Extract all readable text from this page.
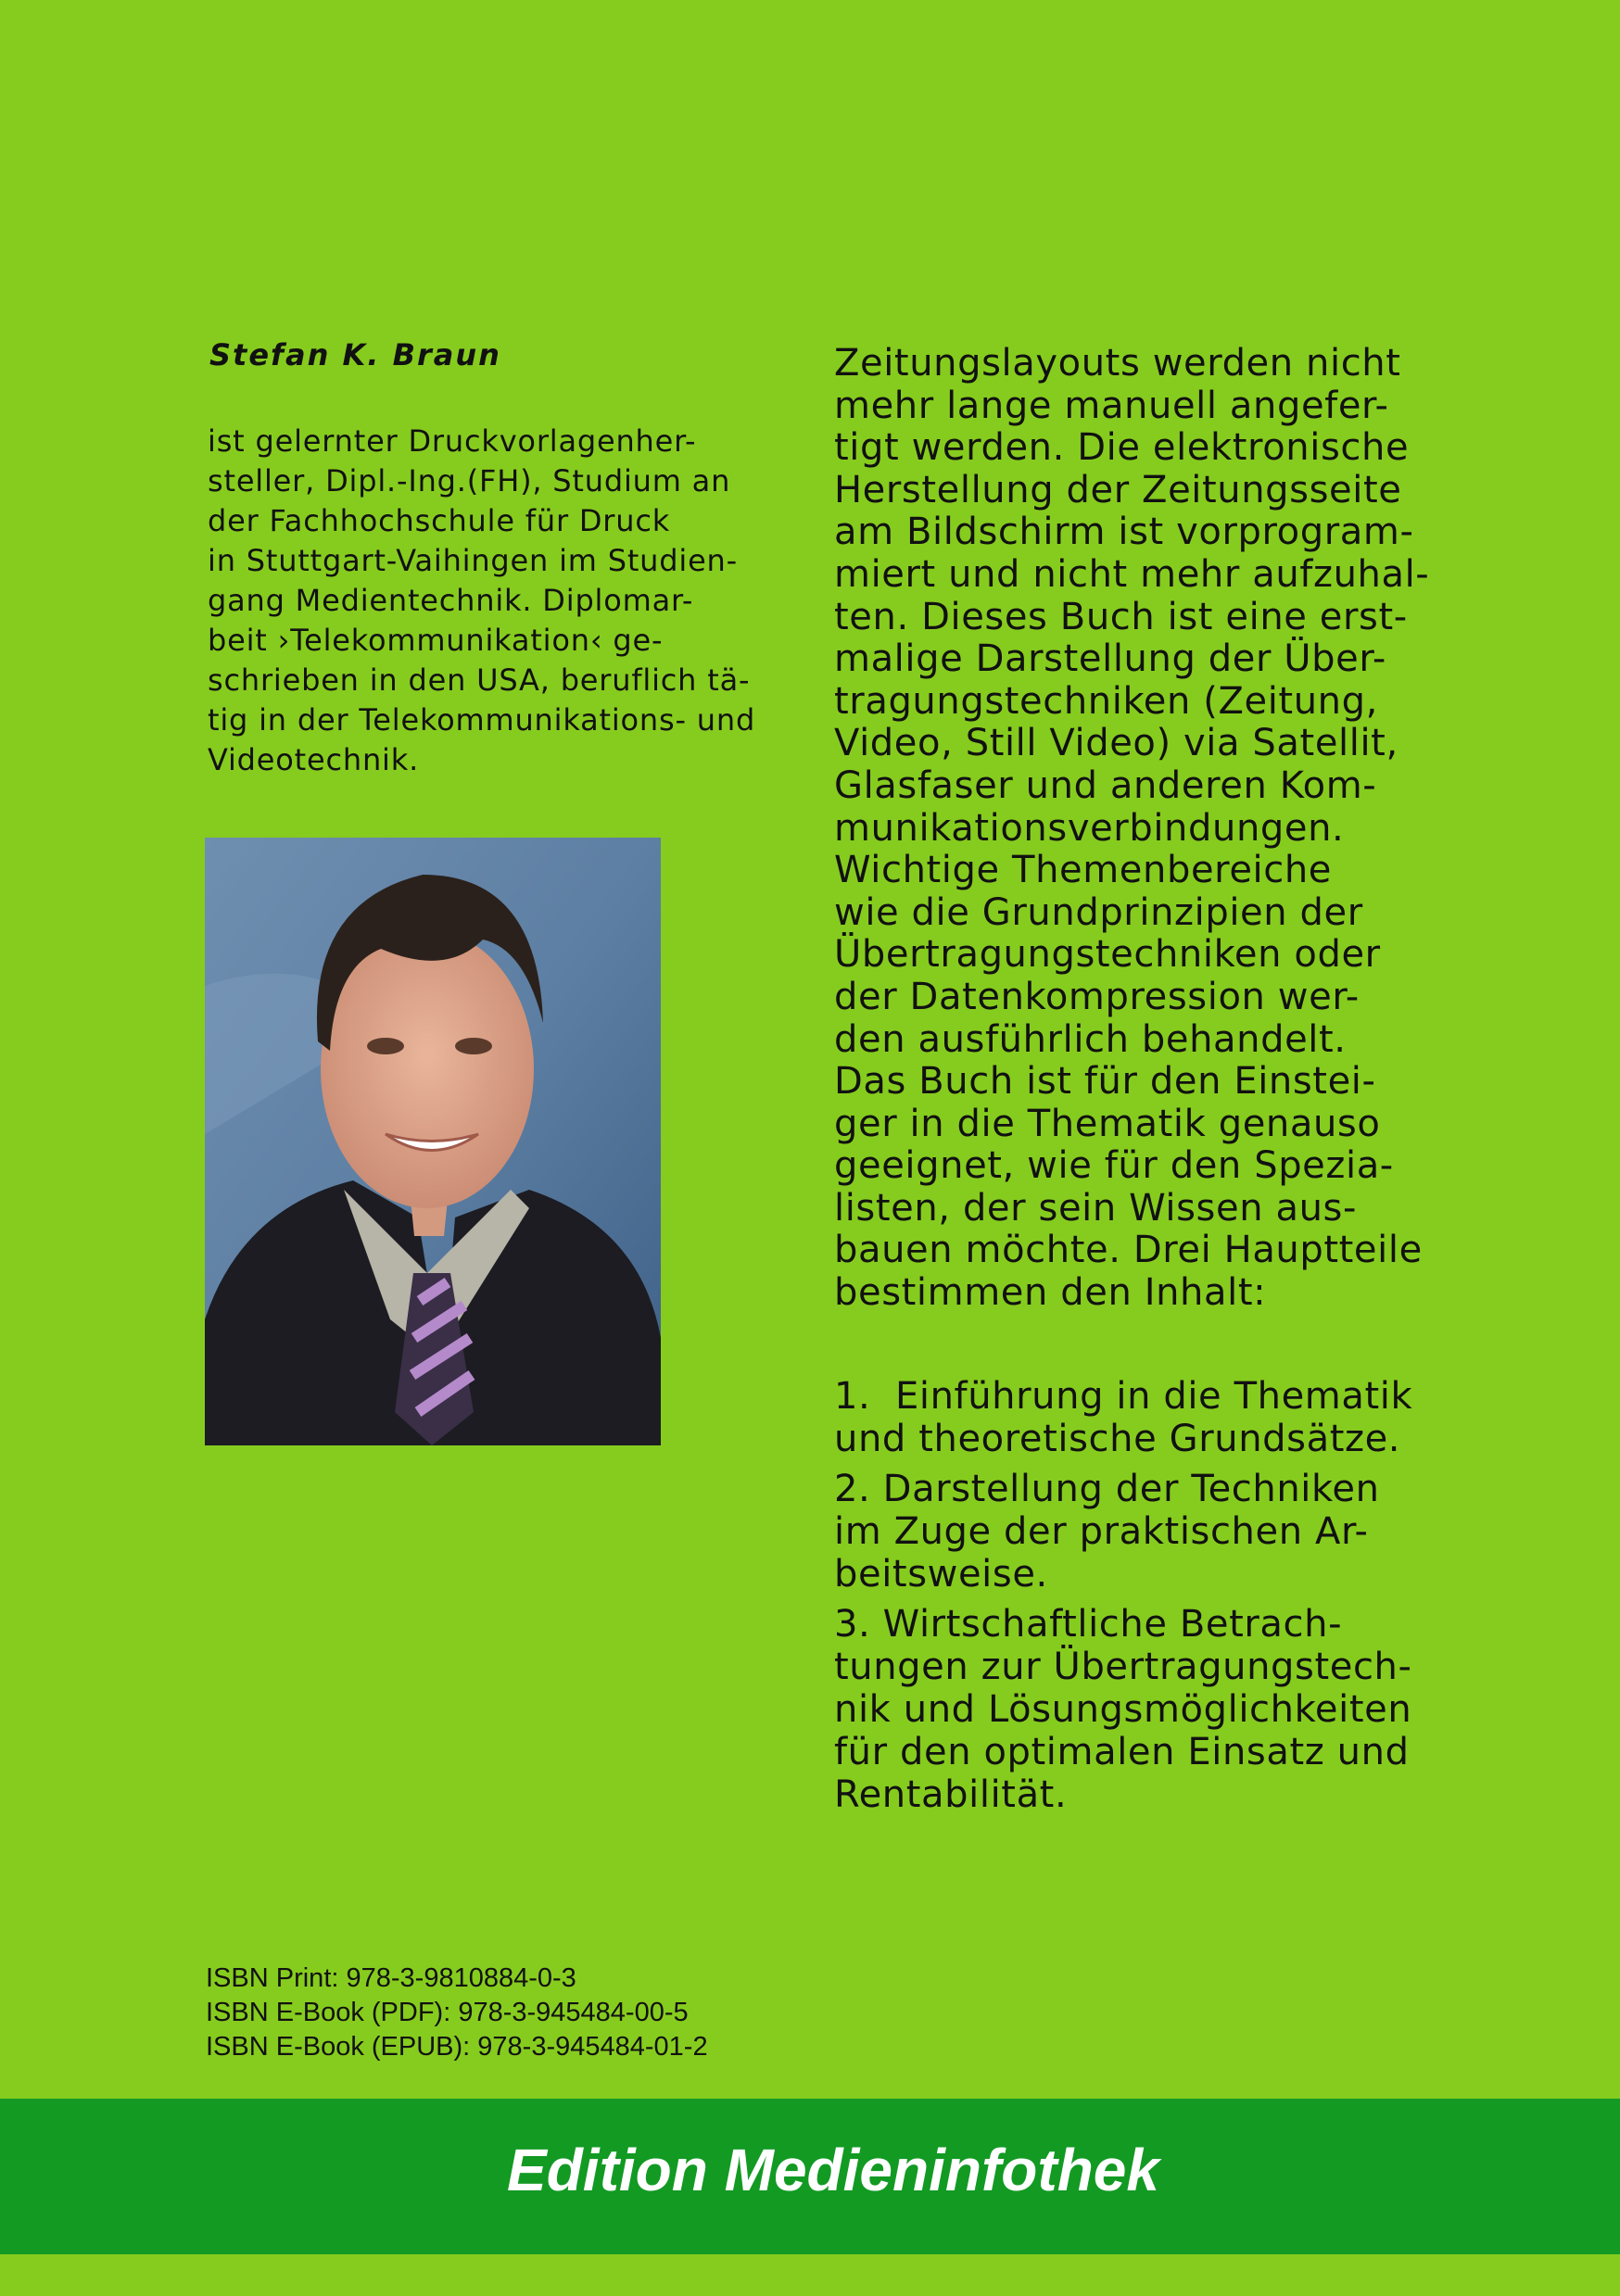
Stefan K. Braun

ist gelernter Druckvorlagenher-
steller, Dipl.-Ing.(FH), Studium an
der Fachhochschule für Druck
in Stuttgart-Vaihingen im Studien-
gang Medientechnik. Diplomar-
beit ›Telekommunikation‹ ge-
schrieben in den USA, beruflich tä-
tig in der Telekommunikations- und
Videotechnik.

Zeitungslayouts werden nicht
mehr lange manuell angefer-
tigt werden. Die elektronische
Herstellung der Zeitungsseite
am Bildschirm ist vorprogram-
miert und nicht mehr aufzuhal-
ten. Dieses Buch ist eine erst-
malige Darstellung der Über-
tragungstechniken (Zeitung,
Video, Still Video) via Satellit,
Glasfaser und anderen Kom-
munikationsverbindungen.
Wichtige Themenbereiche
wie die Grundprinzipien der
Übertragungstechniken oder
der Datenkompression wer-
den ausführlich behandelt.
Das Buch ist für den Einstei-
ger in die Thematik genauso
geeignet, wie für den Spezia-
listen, der sein Wissen aus-
bauen möchte. Drei Hauptteile
bestimmen den Inhalt:

1.  Einführung in die Thematik
und theoretische Grundsätze.
2. Darstellung der Techniken
im Zuge der praktischen Ar-
beitsweise.
3. Wirtschaftliche Betrach-
tungen zur Übertragungstech-
nik und Lösungsmöglichkeiten
für den optimalen Einsatz und
Rentabilität.
ISBN Print: 978-3-9810884-0-3
ISBN E-Book (PDF): 978-3-945484-00-5
ISBN E-Book (EPUB): 978-3-945484-01-2
Edition Medieninfothek
